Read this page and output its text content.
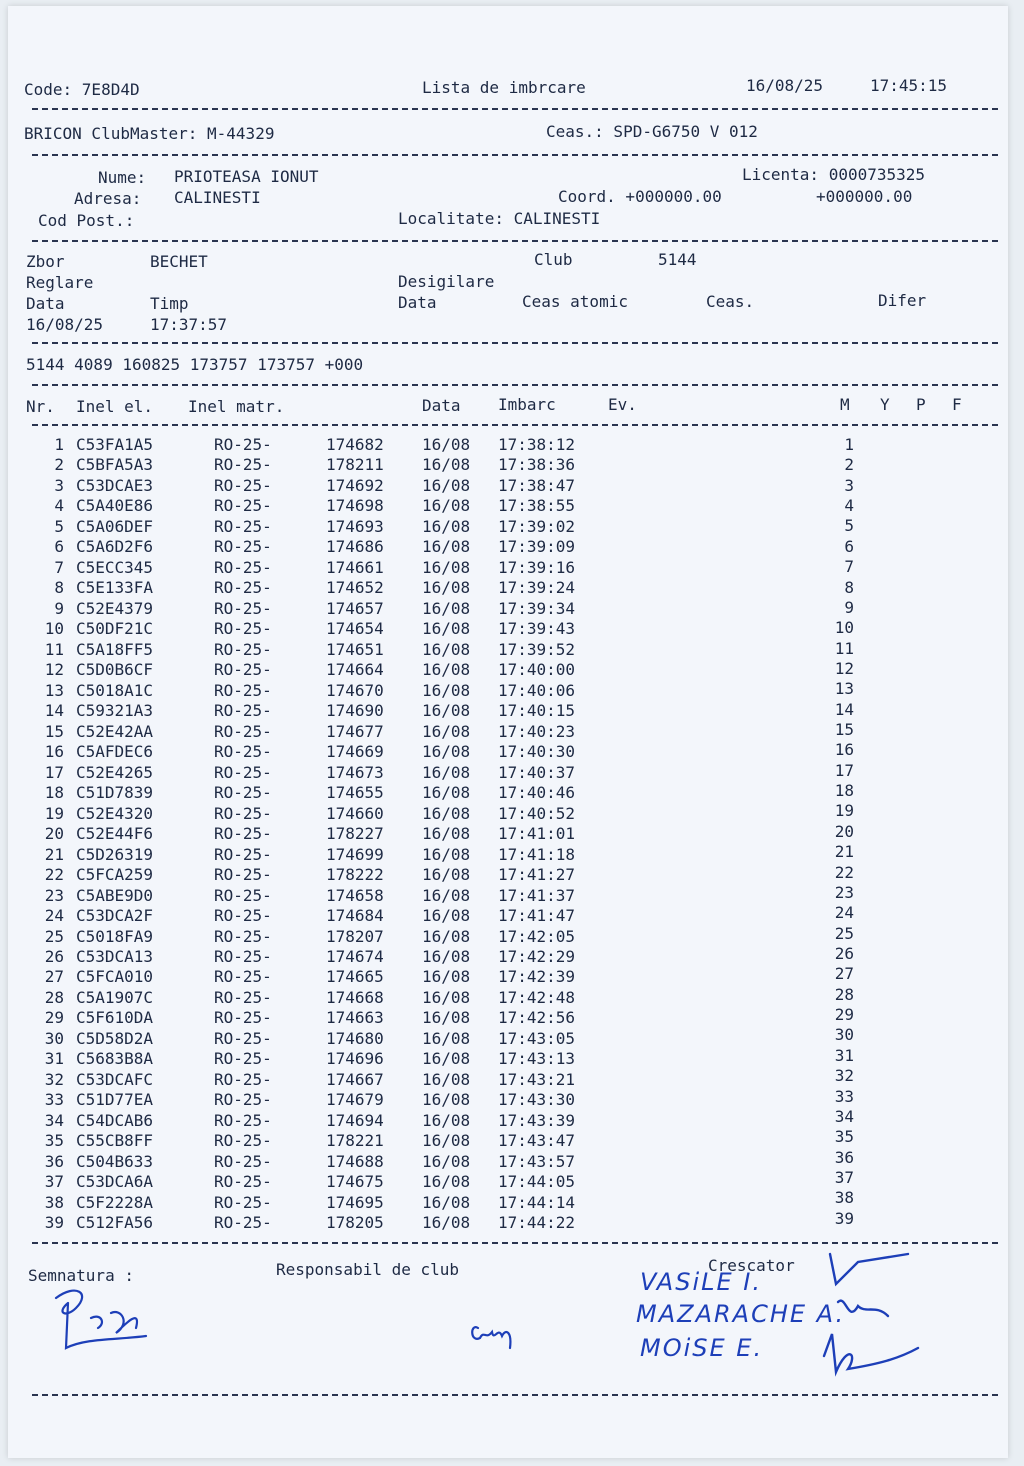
Code: 7E8D4D	Lista de imbrcare	16/08/25	17:45:15
BRICON ClubMaster: M-44329	Ceas.: SPD-G6750 V 012
Nume: PRIOTEASA IONUT	Licenta: 0000735325
Adresa: CALINESTI	Coord. +000000.00	+000000.00
Cod Post.:	Localitate: CALINESTI
Zbor	BECHET	Club	5144
Reglare	Desigilare
Data	Timp	Data	Ceas atomic	Ceas.	Difer
16/08/25	17:37:57
5144 4089 160825 173757 173757 +000
Nr. Inel el. Inel matr.	Data Imbarc	Ev.	M Y P F
1 C53FA1A5	RO-25-	174682 16/08 17:38:12	1
2 C5BFA5A3	RO-25-	178211 16/08 17:38:36	2
3 C53DCAE3	RO-25-	174692 16/08 17:38:47	3
4 C5A40E86	RO-25-	174698 16/08 17:38:55	4
5 C5A06DEF	RO-25-	174693 16/08 17:39:02	5
6 C5A6D2F6	RO-25-	174686 16/08 17:39:09	6
7 C5ECC345	RO-25-	174661 16/08 17:39:16	7
8 C5E133FA	RO-25-	174652 16/08 17:39:24	8
9 C52E4379	RO-25-	174657 16/08 17:39:34	9
10 C50DF21C	RO-25-	174654 16/08 17:39:43	10
11 C5A18FF5	RO-25-	174651 16/08 17:39:52	11
12 C5D0B6CF	RO-25-	174664 16/08 17:40:00	12
13 C5018A1C	RO-25-	174670 16/08 17:40:06	13
14 C59321A3	RO-25-	174690 16/08 17:40:15	14
15 C52E42AA	RO-25-	174677 16/08 17:40:23	15
16 C5AFDEC6	RO-25-	174669 16/08 17:40:30	16
17 C52E4265	RO-25-	174673 16/08 17:40:37	17
18 C51D7839	RO-25-	174655 16/08 17:40:46	18
19 C52E4320	RO-25-	174660 16/08 17:40:52	19
20 C52E44F6	RO-25-	178227 16/08 17:41:01	20
21 C5D26319	RO-25-	174699 16/08 17:41:18	21
22 C5FCA259	RO-25-	178222 16/08 17:41:27	22
23 C5ABE9D0	RO-25-	174658 16/08 17:41:37	23
24 C53DCA2F	RO-25-	174684 16/08 17:41:47	24
25 C5018FA9	RO-25-	178207 16/08 17:42:05	25
26 C53DCA13	RO-25-	174674 16/08 17:42:29	26
27 C5FCA010	RO-25-	174665 16/08 17:42:39	27
28 C5A1907C	RO-25-	174668 16/08 17:42:48	28
29 C5F610DA	RO-25-	174663 16/08 17:42:56	29
30 C5D58D2A	RO-25-	174680 16/08 17:43:05	30
31 C5683B8A	RO-25-	174696 16/08 17:43:13	31
32 C53DCAFC	RO-25-	174667 16/08 17:43:21	32
33 C51D77EA	RO-25-	174679 16/08 17:43:30	33
34 C54DCAB6	RO-25-	174694 16/08 17:43:39	34
35 C55CB8FF	RO-25-	178221 16/08 17:43:47	35
36 C504B633	RO-25-	174688 16/08 17:43:57	36
37 C53DCA6A	RO-25-	174675 16/08 17:44:05	37
38 C5F2228A	RO-25-	174695 16/08 17:44:14	38
39 C512FA56	RO-25-	178205 16/08 17:44:22	39
Semnatura :	Responsabil de club	Crescator
VASiLE I.
MAZARACHE A.
MOiSE E.
